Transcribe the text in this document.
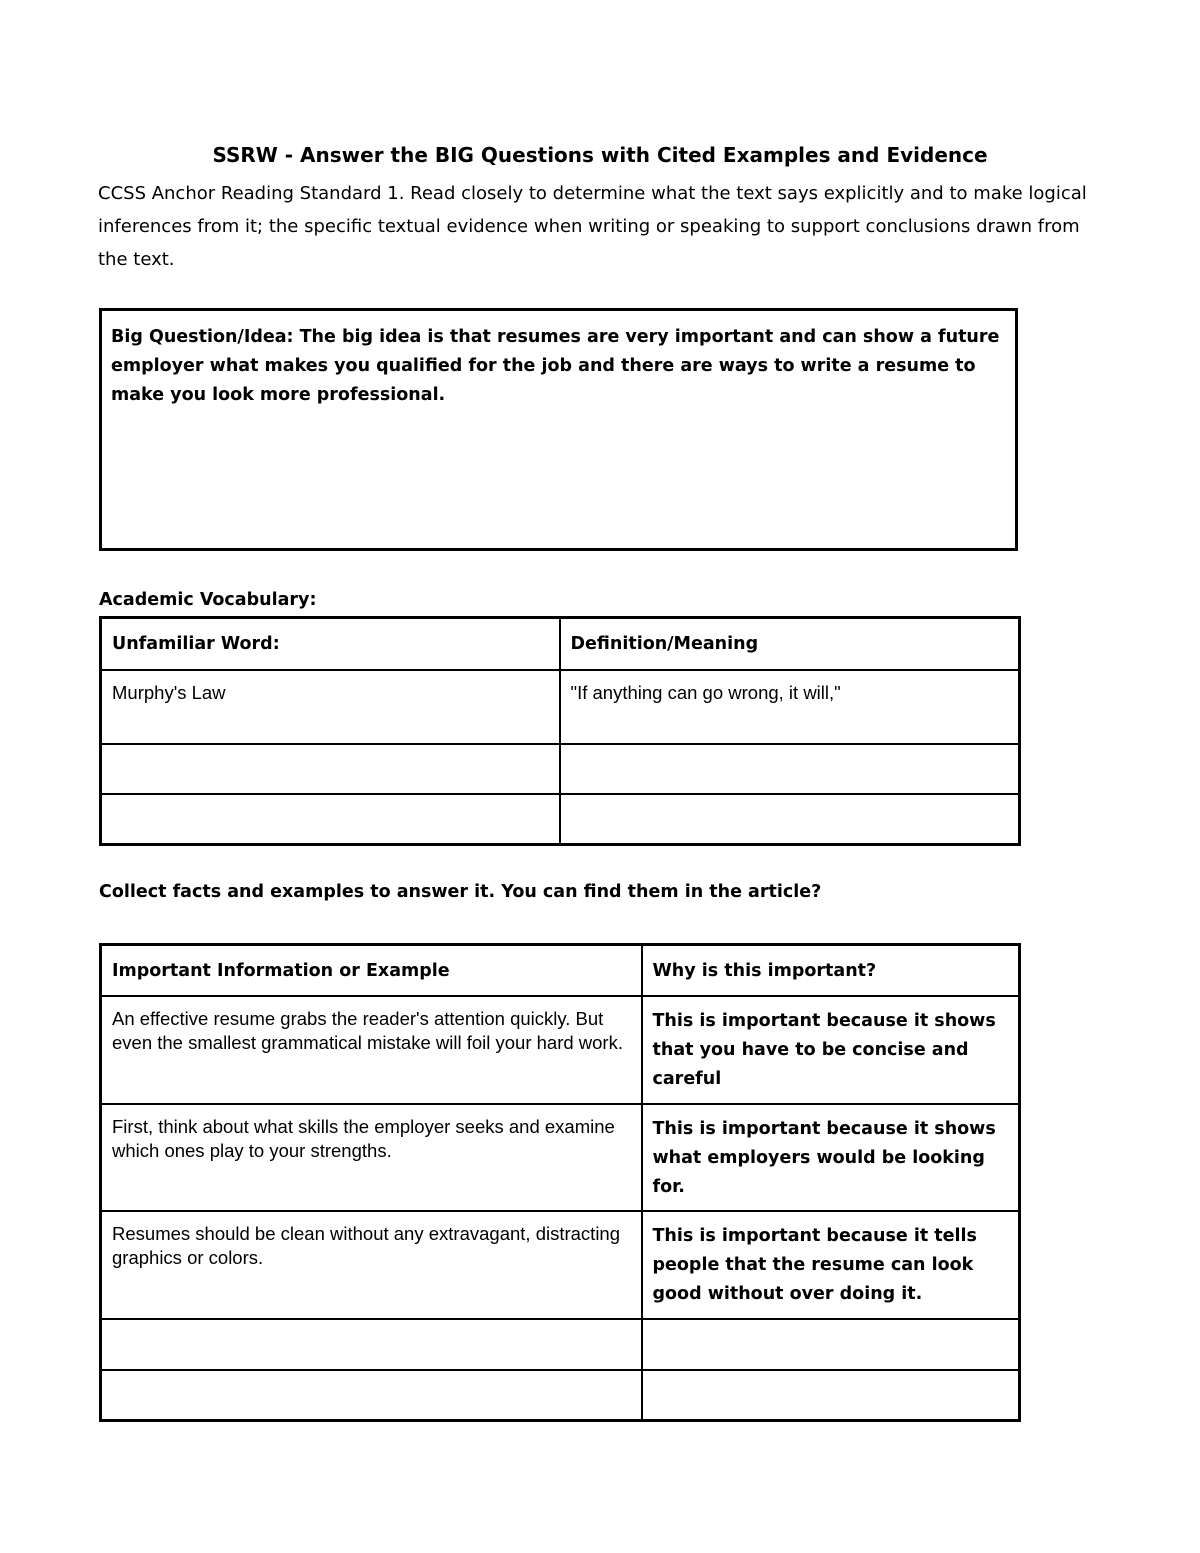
SSRW - Answer the BIG Questions with Cited Examples and Evidence

CCSS Anchor Reading Standard 1. Read closely to determine what the text says explicitly and to make logical inferences from it; the specific textual evidence when writing or speaking to support conclusions drawn from the text.

Big Question/Idea: The big idea is that resumes are very important and can show a future employer what makes you qualified for the job and there are ways to write a resume to make you look more professional.

Academic Vocabulary:

Unfamiliar Word:	Definition/Meaning
Murphy's Law	"If anything can go wrong, it will,"

Collect facts and examples to answer it. You can find them in the article?

Important Information or Example	Why is this important?
An effective resume grabs the reader's attention quickly. But even the smallest grammatical mistake will foil your hard work.	This is important because it shows that you have to be concise and careful
First, think about what skills the employer seeks and examine which ones play to your strengths.	This is important because it shows what employers would be looking for.
Resumes should be clean without any extravagant, distracting graphics or colors.	This is important because it tells people that the resume can look good without over doing it.
